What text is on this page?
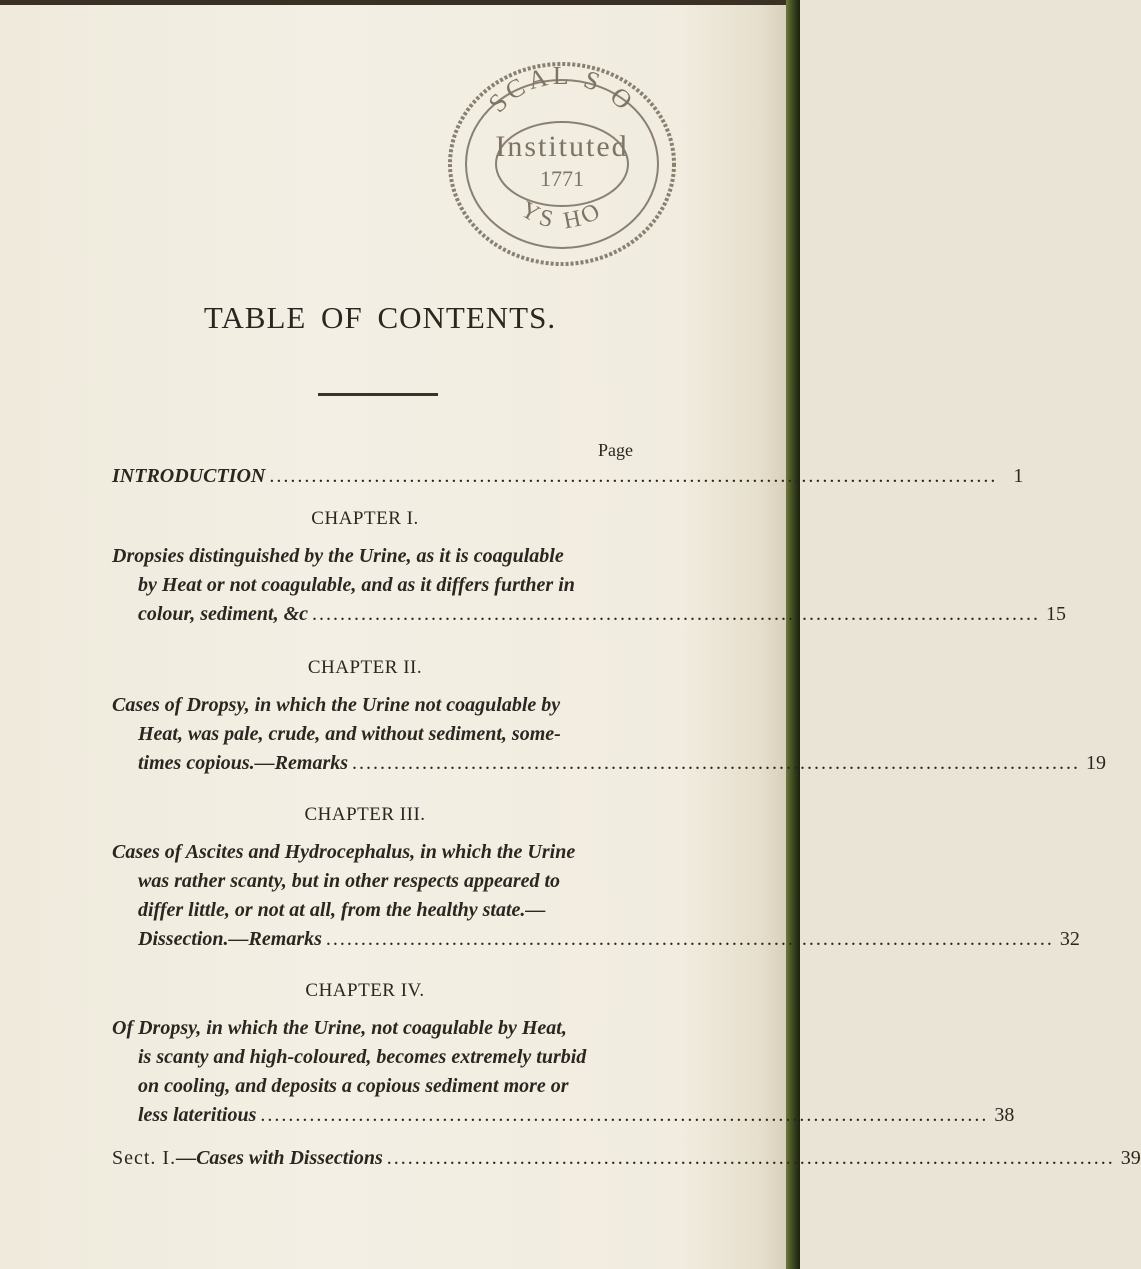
SCAL S O
Instituted
1771
YS HO
TABLE OF CONTENTS.
Page
INTRODUCTION ........................................................................................................ 1
CHAPTER I.
Dropsies distinguished by the Urine, as it is coagulable
by Heat or not coagulable, and as it differs further in
colour, sediment, &c ........................................................................................................ 15
CHAPTER II.
Cases of Dropsy, in which the Urine not coagulable by
Heat, was pale, crude, and without sediment, some-
times copious.—Remarks ........................................................................................................ 19
CHAPTER III.
Cases of Ascites and Hydrocephalus, in which the Urine
was rather scanty, but in other respects appeared to
differ little, or not at all, from the healthy state.—
Dissection.—Remarks ........................................................................................................ 32
CHAPTER IV.
Of Dropsy, in which the Urine, not coagulable by Heat,
is scanty and high-coloured, becomes extremely turbid
on cooling, and deposits a copious sediment more or
less lateritious ........................................................................................................ 38
Sect. I. —Cases with Dissections ........................................................................................................ 39
